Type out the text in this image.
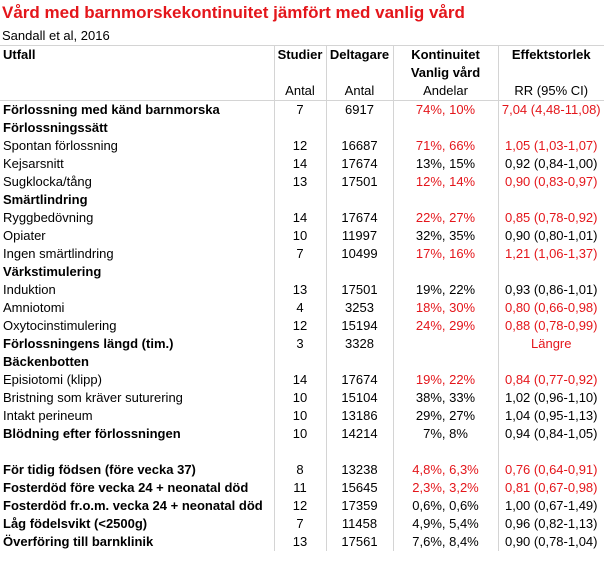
Vård med barnmorskekontinuitet jämfört med vanlig vård
Sandall et al, 2016
Utfall	Studier	Deltagare	Kontinuitet	Effektstorlek
			Vanlig vård	
	Antal	Antal	Andelar	RR (95% CI)
Förlossning med känd barnmorska	7	6917	74%, 10%	7,04 (4,48-11,08)
Förlossningssätt				
Spontan förlossning	12	16687	71%, 66%	1,05 (1,03-1,07)
Kejsarsnitt	14	17674	13%, 15%	0,92 (0,84-1,00)
Sugklocka/tång	13	17501	12%, 14%	0,90 (0,83-0,97)
Smärtlindring				
Ryggbedövning	14	17674	22%, 27%	0,85 (0,78-0,92)
Opiater	10	11997	32%, 35%	0,90 (0,80-1,01)
Ingen smärtlindring	7	10499	17%, 16%	1,21 (1,06-1,37)
Värkstimulering				
Induktion	13	17501	19%, 22%	0,93 (0,86-1,01)
Amniotomi	4	3253	18%, 30%	0,80 (0,66-0,98)
Oxytocinstimulering	12	15194	24%, 29%	0,88 (0,78-0,99)
Förlossningens längd (tim.)	3	3328		Längre
Bäckenbotten				
Episiotomi (klipp)	14	17674	19%, 22%	0,84 (0,77-0,92)
Bristning som kräver suturering	10	15104	38%, 33%	1,02 (0,96-1,10)
Intakt perineum	10	13186	29%, 27%	1,04 (0,95-1,13)
Blödning efter förlossningen	10	14214	7%, 8%	0,94 (0,84-1,05)

För tidig födsen (före vecka 37)	8	13238	4,8%, 6,3%	0,76 (0,64-0,91)
Fosterdöd före vecka 24 + neonatal död	11	15645	2,3%, 3,2%	0,81 (0,67-0,98)
Fosterdöd fr.o.m. vecka 24 + neonatal död	12	17359	0,6%, 0,6%	1,00 (0,67-1,49)
Låg födelsvikt (<2500g)	7	11458	4,9%, 5,4%	0,96 (0,82-1,13)
Överföring till barnklinik	13	17561	7,6%, 8,4%	0,90 (0,78-1,04)
